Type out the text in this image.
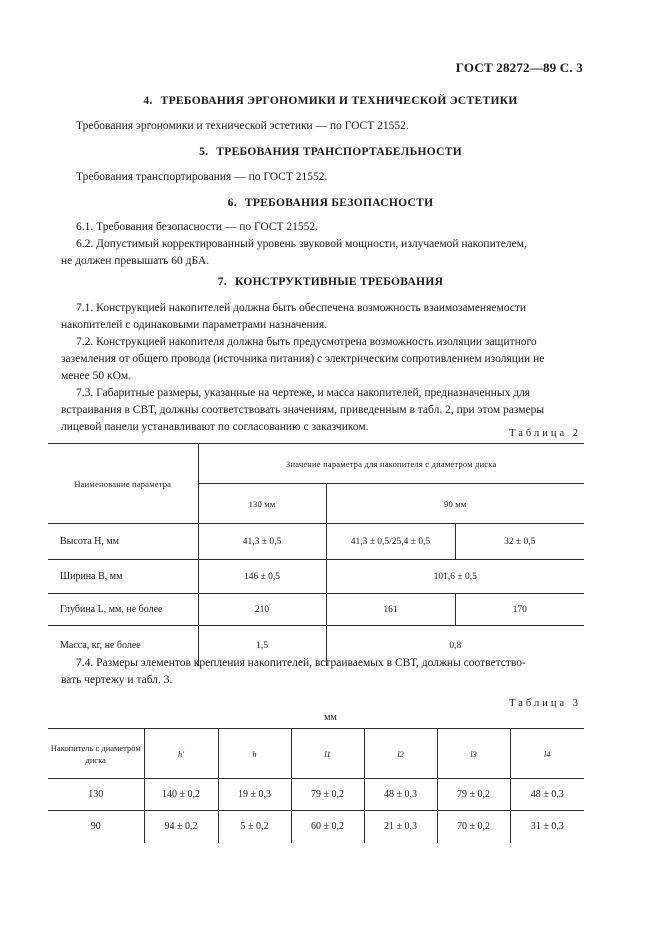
ГОСТ 28272—89 С. 3
4. ТРЕБОВАНИЯ ЭРГОНОМИКИ И ТЕХНИЧЕСКОЙ ЭСТЕТИКИ
Требования эргономики и технической эстетики — по ГОСТ 21552.
5. ТРЕБОВАНИЯ ТРАНСПОРТАБЕЛЬНОСТИ
Требования транспортирования — по ГОСТ 21552.
6. ТРЕБОВАНИЯ БЕЗОПАСНОСТИ
6.1. Требования безопасности — по ГОСТ 21552.
6.2. Допустимый корректированный уровень звуковой мощности, излучаемой накопителем,
не должен превышать 60 дБА.
7. КОНСТРУКТИВНЫЕ ТРЕБОВАНИЯ
7.1. Конструкцией накопителей должна быть обеспечена возможность взаимозаменяемости
накопителей с одинаковыми параметрами назначения.
7.2. Конструкцией накопителя должна быть предусмотрена возможность изоляции защитного
заземления от общего провода (источника питания) с электрическим сопротивлением изоляции не
менее 50 кОм.
7.3. Габаритные размеры, указанные на чертеже, и масса накопителей, предназначенных для
встраивания в СВТ, должны соответствовать значениям, приведенным в табл. 2, при этом размеры
лицевой панели устанавливают по согласованию с заказчиком.
Таблица 2
Наименование параметра	Значение параметра для накопителя с диаметром диска		
	130 мм	90 мм	
Высота H, мм	41,3 ± 0,5	41,3 ± 0,5/25,4 ± 0,5	32 ± 0,5
Ширина B, мм	146 ± 0,5	101,6 ± 0,5	
Глубина L, мм, не более	210	161	170
Масса, кг, не более	1,5	0,8	
7.4. Размеры элементов крепления накопителей, встраиваемых в СВТ, должны соответство-
вать чертежу и табл. 3.
Таблица 3
мм
Накопитель с диаметром диска	h'	h	l1	l2	l3	l4
130	140 ± 0,2	19 ± 0,3	79 ± 0,2	48 ± 0,3	79 ± 0,2	48 ± 0,3
90	94 ± 0,2	5 ± 0,2	60 ± 0,2	21 ± 0,3	70 ± 0,2	31 ± 0,3
